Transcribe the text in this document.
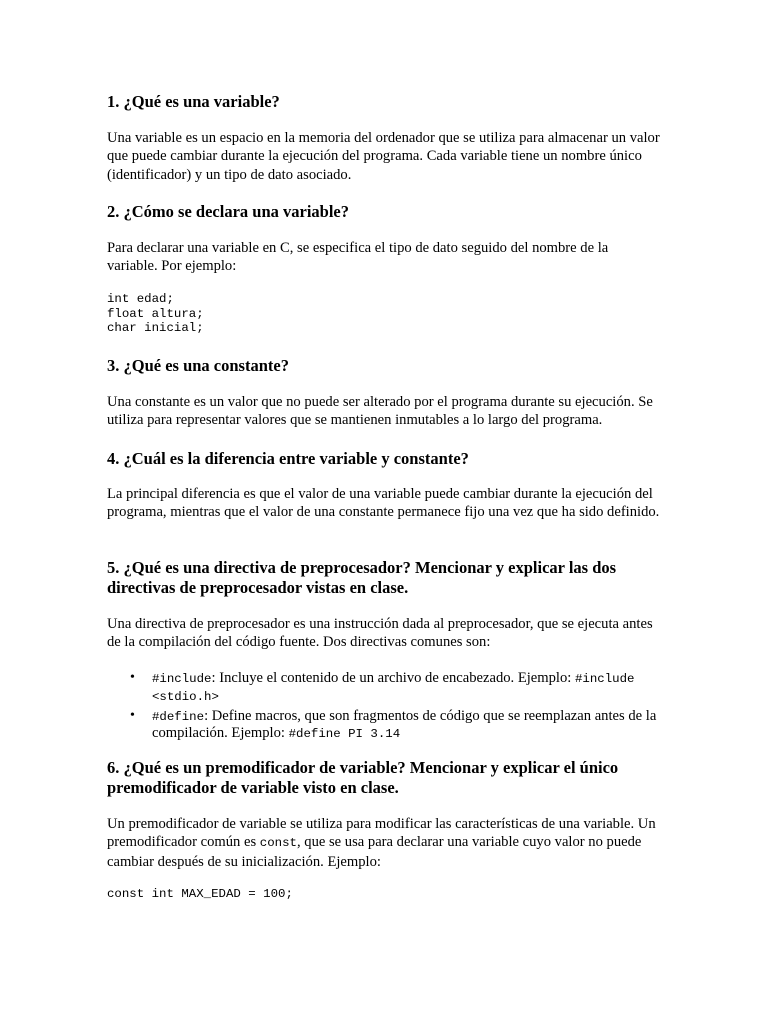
1. ¿Qué es una variable?

Una variable es un espacio en la memoria del ordenador que se utiliza para almacenar un valor que puede cambiar durante la ejecución del programa. Cada variable tiene un nombre único (identificador) y un tipo de dato asociado.

2. ¿Cómo se declara una variable?

Para declarar una variable en C, se especifica el tipo de dato seguido del nombre de la variable. Por ejemplo:

int edad;
float altura;
char inicial;
3. ¿Qué es una constante?

Una constante es un valor que no puede ser alterado por el programa durante su ejecución. Se utiliza para representar valores que se mantienen inmutables a lo largo del programa.

4. ¿Cuál es la diferencia entre variable y constante?

La principal diferencia es que el valor de una variable puede cambiar durante la ejecución del programa, mientras que el valor de una constante permanece fijo una vez que ha sido definido.

5. ¿Qué es una directiva de preprocesador? Mencionar y explicar las dos directivas de preprocesador vistas en clase.

Una directiva de preprocesador es una instrucción dada al preprocesador, que se ejecuta antes de la compilación del código fuente. Dos directivas comunes son:

• #include: Incluye el contenido de un archivo de encabezado. Ejemplo: #include <stdio.h>
• #define: Define macros, que son fragmentos de código que se reemplazan antes de la compilación. Ejemplo: #define PI 3.14
6. ¿Qué es un premodificador de variable? Mencionar y explicar el único premodificador de variable visto en clase.

Un premodificador de variable se utiliza para modificar las características de una variable. Un premodificador común es const, que se usa para declarar una variable cuyo valor no puede cambiar después de su inicialización. Ejemplo:

const int MAX_EDAD = 100;
